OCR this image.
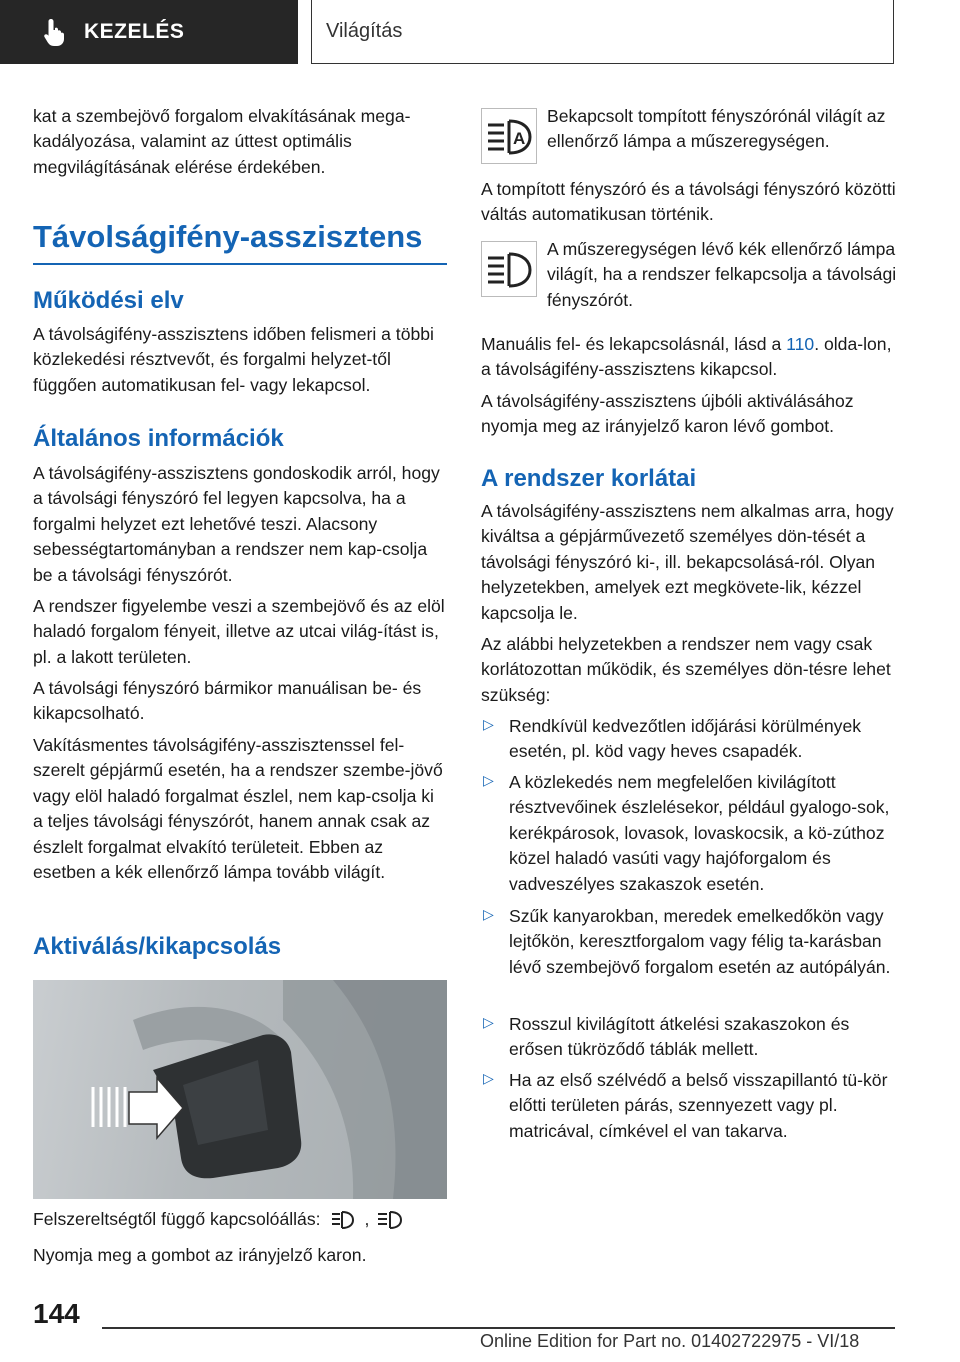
KEZELÉS	Világítás

kat a szembejövő forgalom elvakításának mega-kadályozása, valamint az úttest optimális megvilágításának elérése érdekében.

Távolságifény-asszisztens
Működési elv

A távolságifény-asszisztens időben felismeri a többi közlekedési résztvevőt, és forgalmi helyzet-től függően automatikusan fel- vagy lekapcsol.

Általános információk

A távolságifény-asszisztens gondoskodik arról, hogy a távolsági fényszóró fel legyen kapcsolva, ha a forgalmi helyzet ezt lehetővé teszi. Alacsony sebességtartományban a rendszer nem kap-csolja be a távolsági fényszórót.

A rendszer figyelembe veszi a szembejövő és az elöl haladó forgalom fényeit, illetve az utcai világ-ítást is, pl. a lakott területen.

A távolsági fényszóró bármikor manuálisan be- és kikapcsolható.

Vakításmentes távolságifény-asszisztenssel fel-szerelt gépjármű esetén, ha a rendszer szembe-jövő vagy elöl haladó forgalmat észlel, nem kap-csolja ki a teljes távolsági fényszórót, hanem annak csak az észlelt forgalmat elvakító területeit. Ebben az esetben a kék ellenőrző lámpa tovább világít.

Aktiválás/kikapcsolás

Felszereltségtől függő kapcsolóállás:	,

Nyomja meg a gombot az irányjelző karon.

A

Bekapcsolt tompított fényszórónál világít az ellenőrző lámpa a műszeregységen.

A tompított fényszóró és a távolsági fényszóró közötti váltás automatikusan történik.

A műszeregységen lévő kék ellenőrző lámpa világít, ha a rendszer felkapcsolja a távolsági fényszórót.

Manuális fel- és lekapcsolásnál, lásd a 110. olda-lon, a távolságifény-asszisztens kikapcsol.

A távolságifény-asszisztens újbóli aktiválásához nyomja meg az irányjelző karon lévő gombot.

A rendszer korlátai

A távolságifény-asszisztens nem alkalmas arra, hogy kiváltsa a gépjárművezető személyes dön-tését a távolsági fényszóró ki-, ill. bekapcsolásá-ról. Olyan helyzetekben, amelyek ezt megkövete-lik, kézzel kapcsolja le.

Az alábbi helyzetekben a rendszer nem vagy csak korlátozottan működik, és személyes dön-tésre lehet szükség:

▷ Rendkívül kedvezőtlen időjárási körülmények esetén, pl. köd vagy heves csapadék.

▷ A közlekedés nem megfelelően kivilágított résztvevőinek észlelésekor, például gyalogo-sok, kerékpárosok, lovasok, lovaskocsik, a kö-zúthoz közel haladó vasúti vagy hajóforgalom és vadveszélyes szakaszok esetén.

▷ Szűk kanyarokban, meredek emelkedőkön vagy lejtőkön, keresztforgalom vagy félig ta-karásban lévő szembejövő forgalom esetén az autópályán.

▷ Rosszul kivilágított átkelési szakaszokon és erősen tükröződő táblák mellett.

▷ Ha az első szélvédő a belső visszapillantó tü-kör előtti területen párás, szennyezett vagy pl. matricával, címkével el van takarva.

144
Online Edition for Part no. 01402722975 - VI/18
